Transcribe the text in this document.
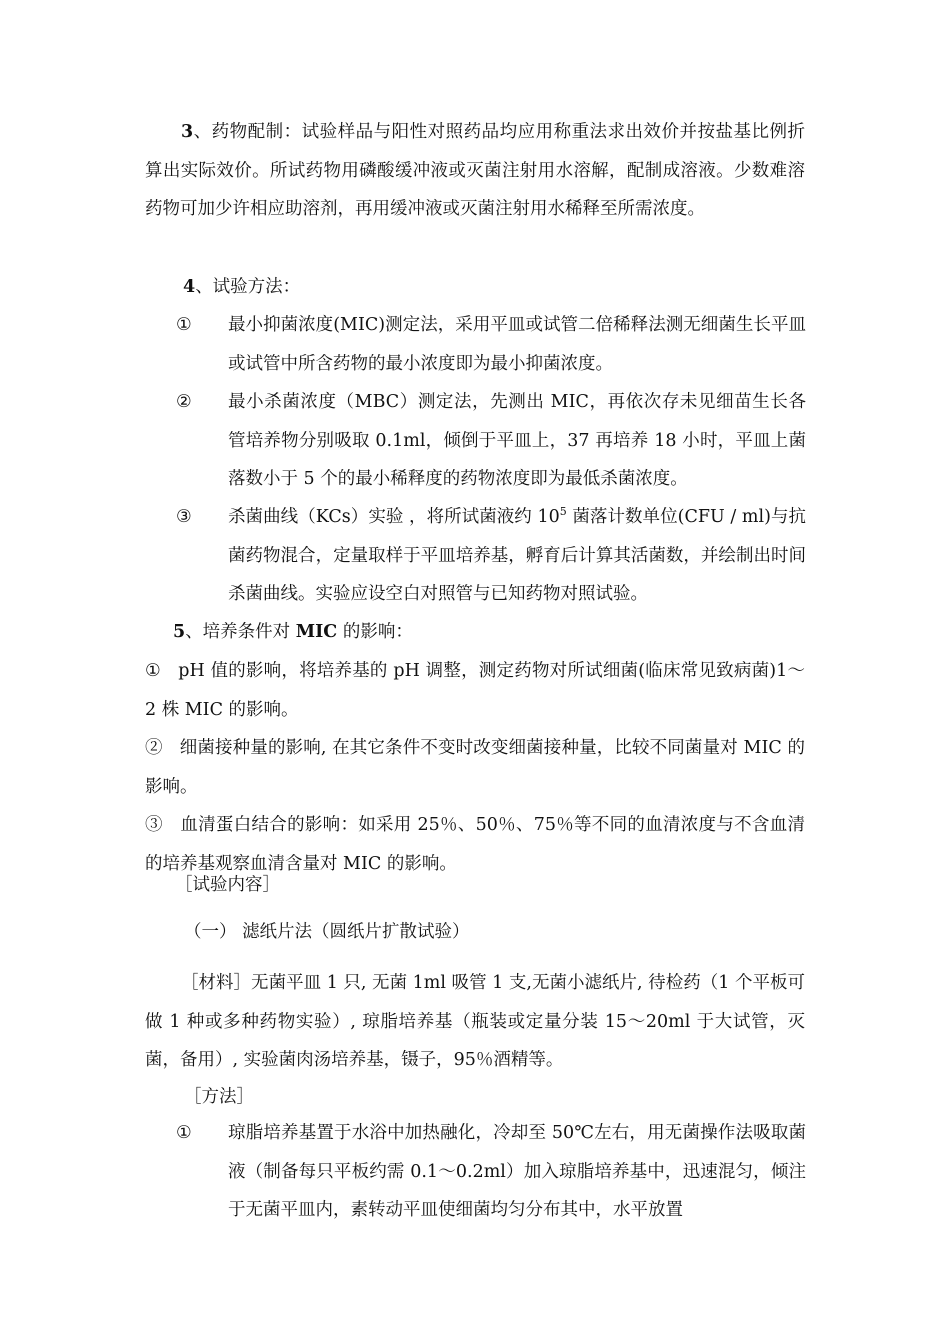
3、药物配制：试验样品与阳性对照药品均应用称重法求出效价并按盐基比例折算出实际效价。所试药物用磷酸缓冲液或灭菌注射用水溶解，配制成溶液。少数难溶药物可加少许相应助溶剂，再用缓冲液或灭菌注射用水稀释至所需浓度。
4、试验方法：
①	最小抑菌浓度(MIC)测定法，采用平皿或试管二倍稀释法测无细菌生长平皿或试管中所含药物的最小浓度即为最小抑菌浓度。
②	最小杀菌浓度（MBC）测定法，先测出 MIC，再依次存未见细苗生长各管培养物分别吸取 0.1ml，倾倒于平皿上，37 再培养 18 小时，平皿上菌落数小于 5 个的最小稀释度的药物浓度即为最低杀菌浓度。
③	杀菌曲线（KCs）实验 ，将所试菌液约 $10^5$ 菌落计数单位(CFU / ml)与抗菌药物混合，定量取样于平皿培养基，孵育后计算其活菌数，并绘制出时间杀菌曲线。实验应设空白对照管与已知药物对照试验。
5、培养条件对 MIC 的影响：
① pH 值的影响，将培养基的 pH 调整，测定药物对所试细菌(临床常见致病菌)1～2 株 MIC 的影响。
② 细菌接种量的影响, 在其它条件不变时改变细菌接种量，比较不同菌量对 MIC 的影响。
③ 血清蛋白结合的影响：如采用 25％、50％、75％等不同的血清浓度与不含血清的培养基观察血清含量对 MIC 的影响。
［试验内容］
（一） 滤纸片法（圆纸片扩散试验）
［材料］无菌平皿 1 只, 无菌 1ml 吸管 1 支,无菌小滤纸片, 待检药（1 个平板可做 1 种或多种药物实验）, 琼脂培养基（瓶装或定量分装 15～20ml 于大试管，灭菌，备用）, 实验菌肉汤培养基，镊子，95％酒精等。
［方法］
①	琼脂培养基置于水浴中加热融化，冷却至 50℃左右，用无菌操作法吸取菌液（制备每只平板约需 0.1～0.2ml）加入琼脂培养基中，迅速混匀，倾注于无菌平皿内，素转动平皿使细菌均匀分布其中，水平放置
